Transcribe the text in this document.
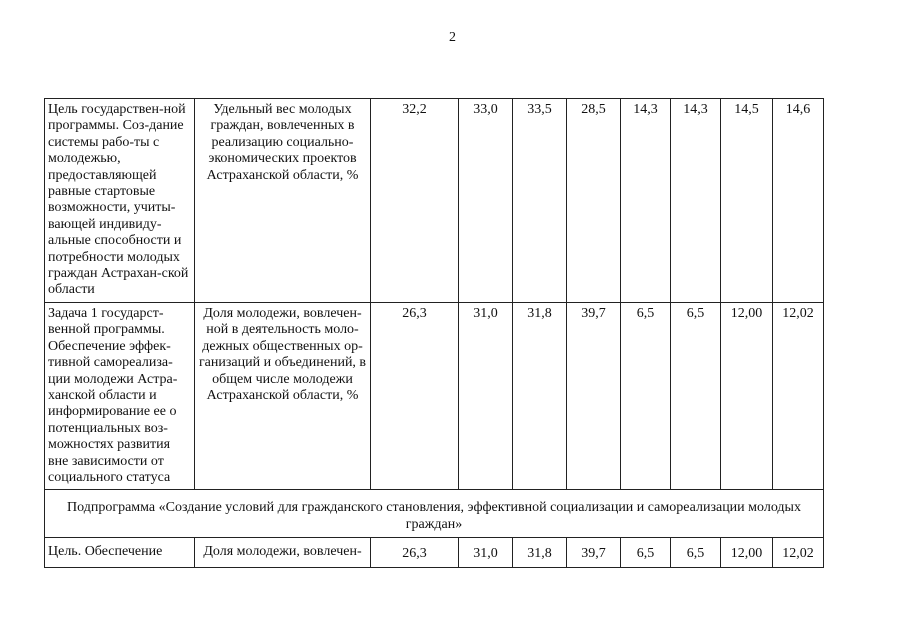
2
Цель государствен-ной программы. Соз-дание системы рабо-ты с молодежью, предоставляющей равные стартовые возможности, учиты-вающей индивиду-альные способности и потребности молодых граждан Астрахан-ской области	Удельный вес молодых граждан, вовлеченных в реализацию социально-экономических проектов Астраханской области, %	32,2	33,0	33,5	28,5	14,3	14,3	14,5	14,6
Задача 1 государст-венной программы. Обеспечение эффек-тивной самореализа-ции молодежи Астра-ханской области и информирование ее о потенциальных воз-можностях развития вне зависимости от социального статуса	Доля молодежи, вовлечен-ной в деятельность моло-дежных общественных ор-ганизаций и объединений, в общем числе молодежи Астраханской области, %	26,3	31,0	31,8	39,7	6,5	6,5	12,00	12,02
Подпрограмма «Создание условий для гражданского становления, эффективной социализации и самореализации молодых граждан»									
Цель. Обеспечение	Доля молодежи, вовлечен-	26,3	31,0	31,8	39,7	6,5	6,5	12,00	12,02
